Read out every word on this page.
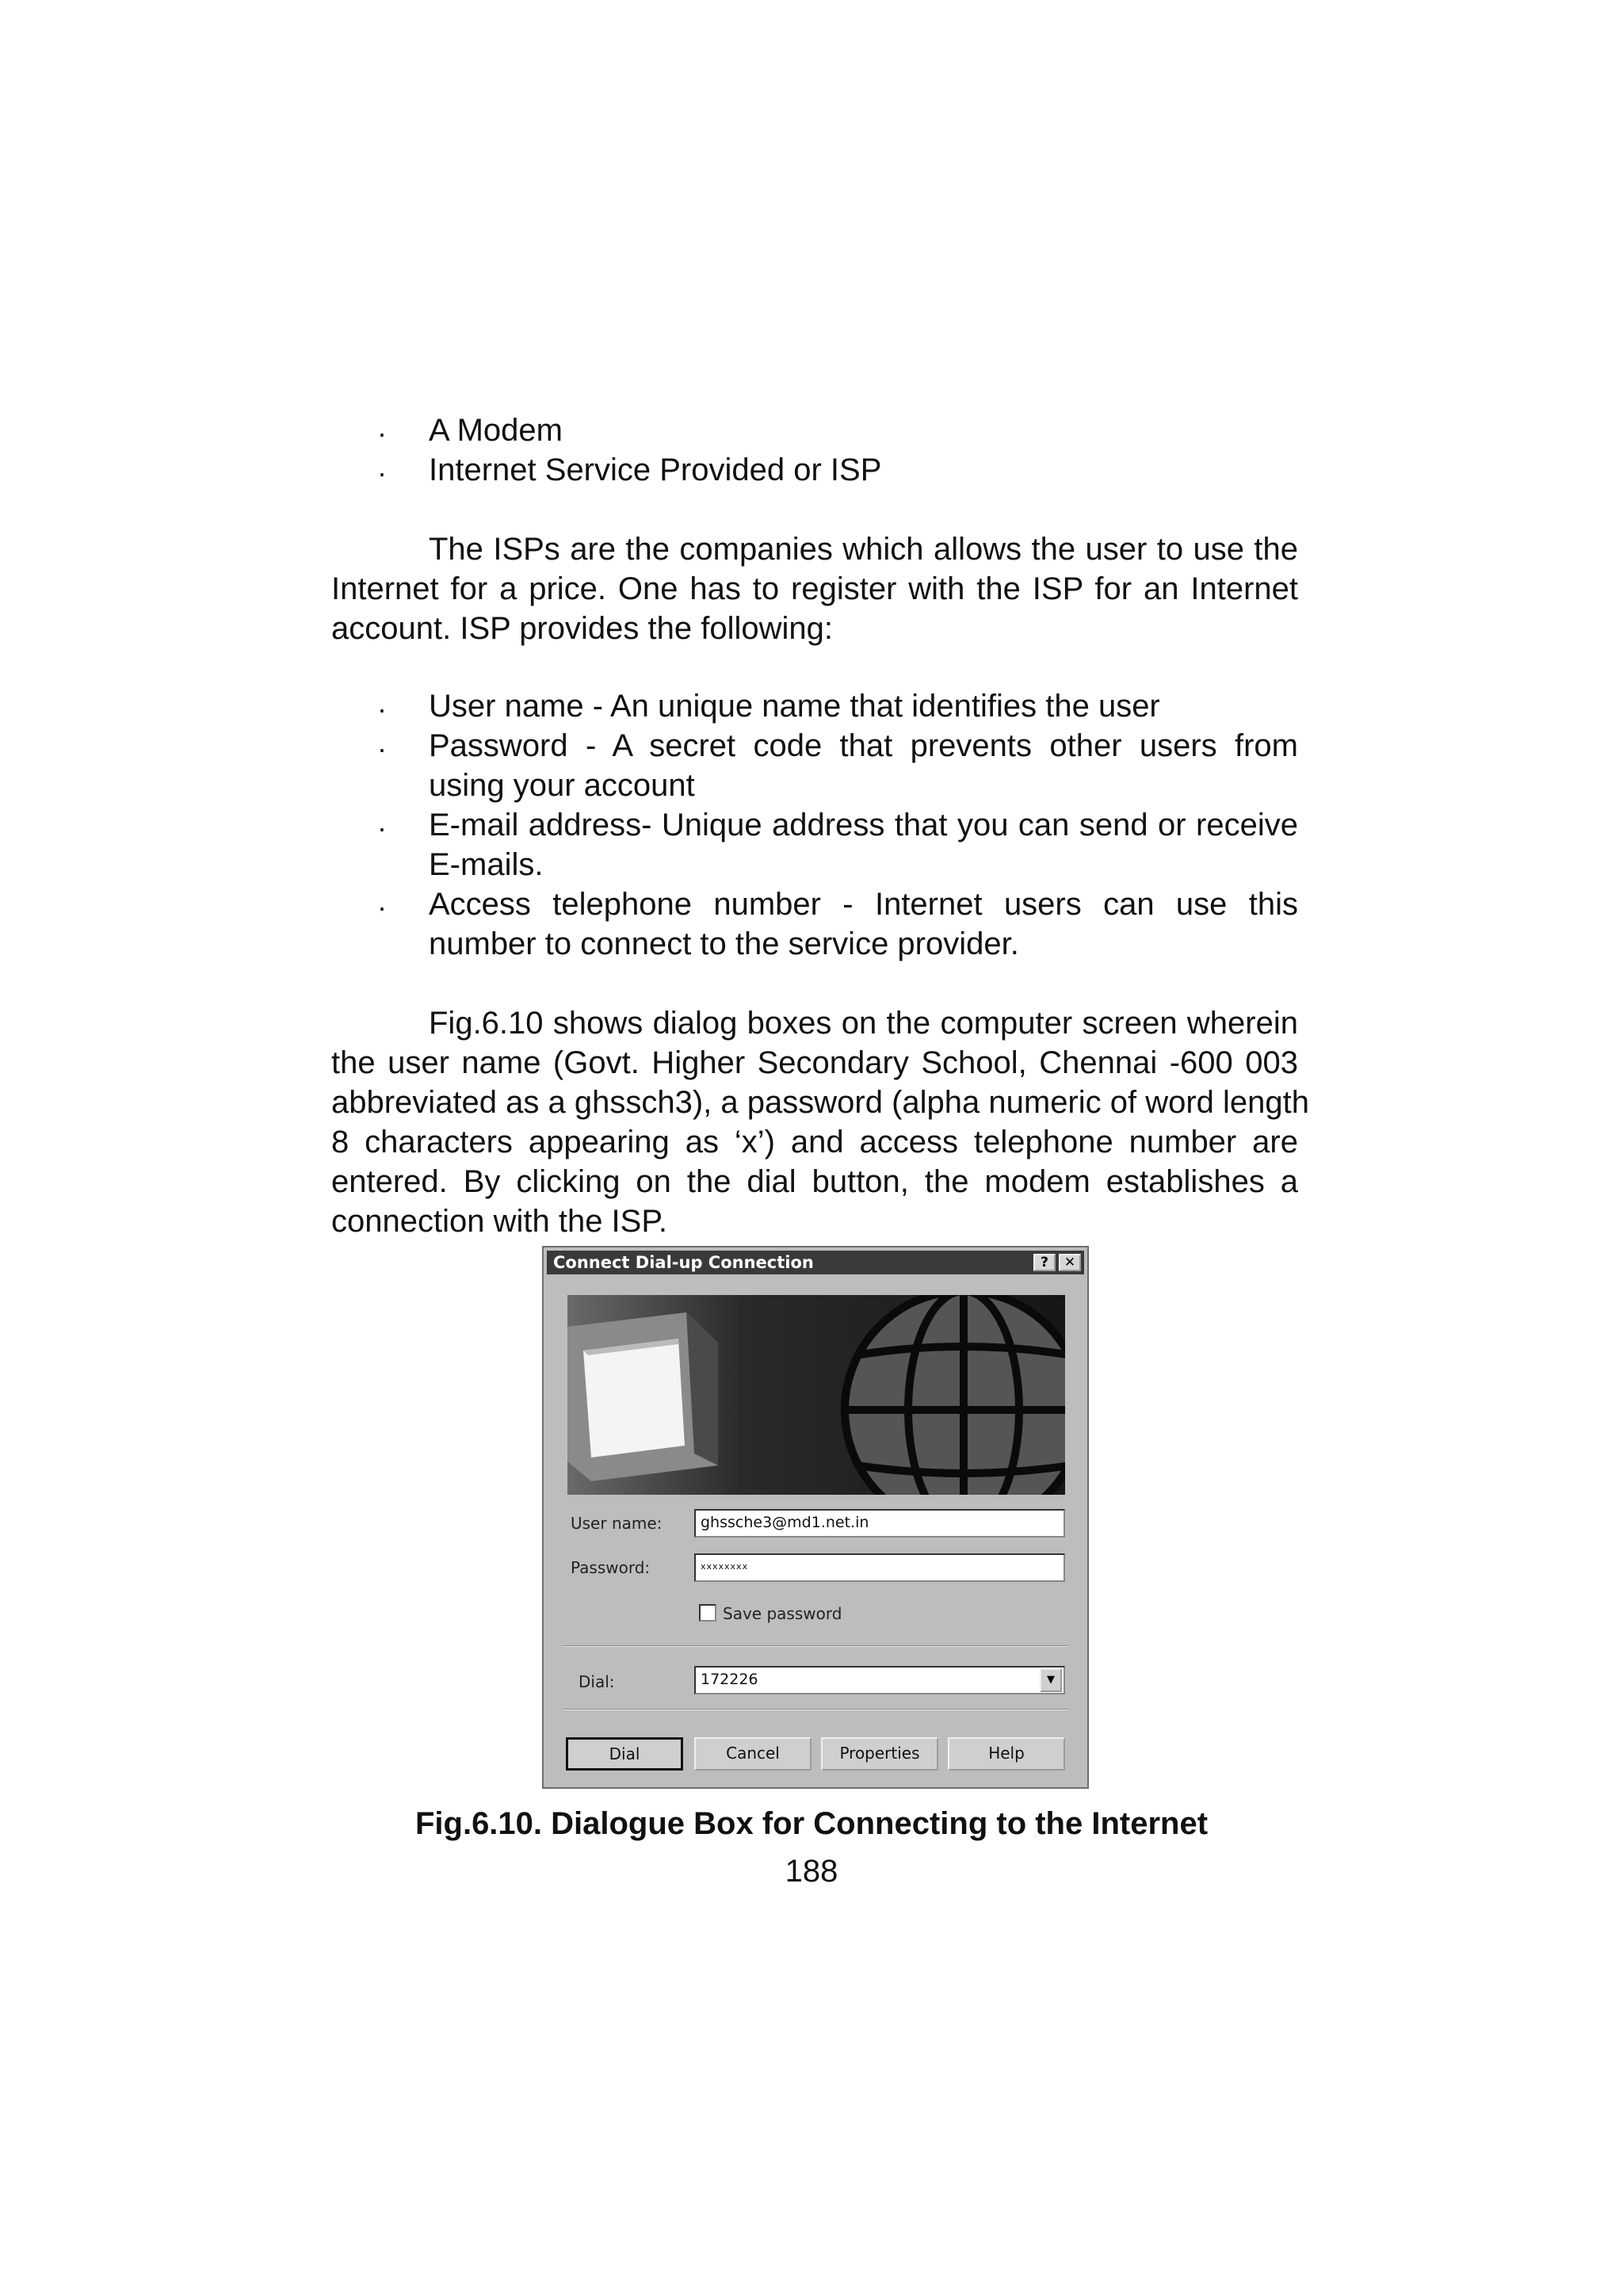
· A Modem
· Internet Service Provided or ISP
The ISPs are the companies which allows the user to use the
Internet for a price. One has to register with the ISP for an Internet
account. ISP provides the following:
· User name - An unique name that identifies the user
· Password - A secret code that prevents other users from
using your account
· E-mail address- Unique address that you can send or receive
E-mails.
· Access telephone number - Internet users can use this
number to connect to the service provider.
Fig.6.10 shows dialog boxes on the computer screen wherein
the user name (Govt. Higher Secondary School, Chennai -600 003
abbreviated as a ghssch3), a password (alpha numeric of word length
8 characters appearing as ‘x’) and access telephone number are
entered. By clicking on the dial button, the modem establishes a
connection with the ISP.
Connect Dial-up Connection	?	✕
User name:	ghssche3@md1.net.in
Password:	xxxxxxxx
Save password
Dial:	172226	▼
Dial	Cancel	Properties	Help
Fig.6.10. Dialogue Box for Connecting to the Internet
188
